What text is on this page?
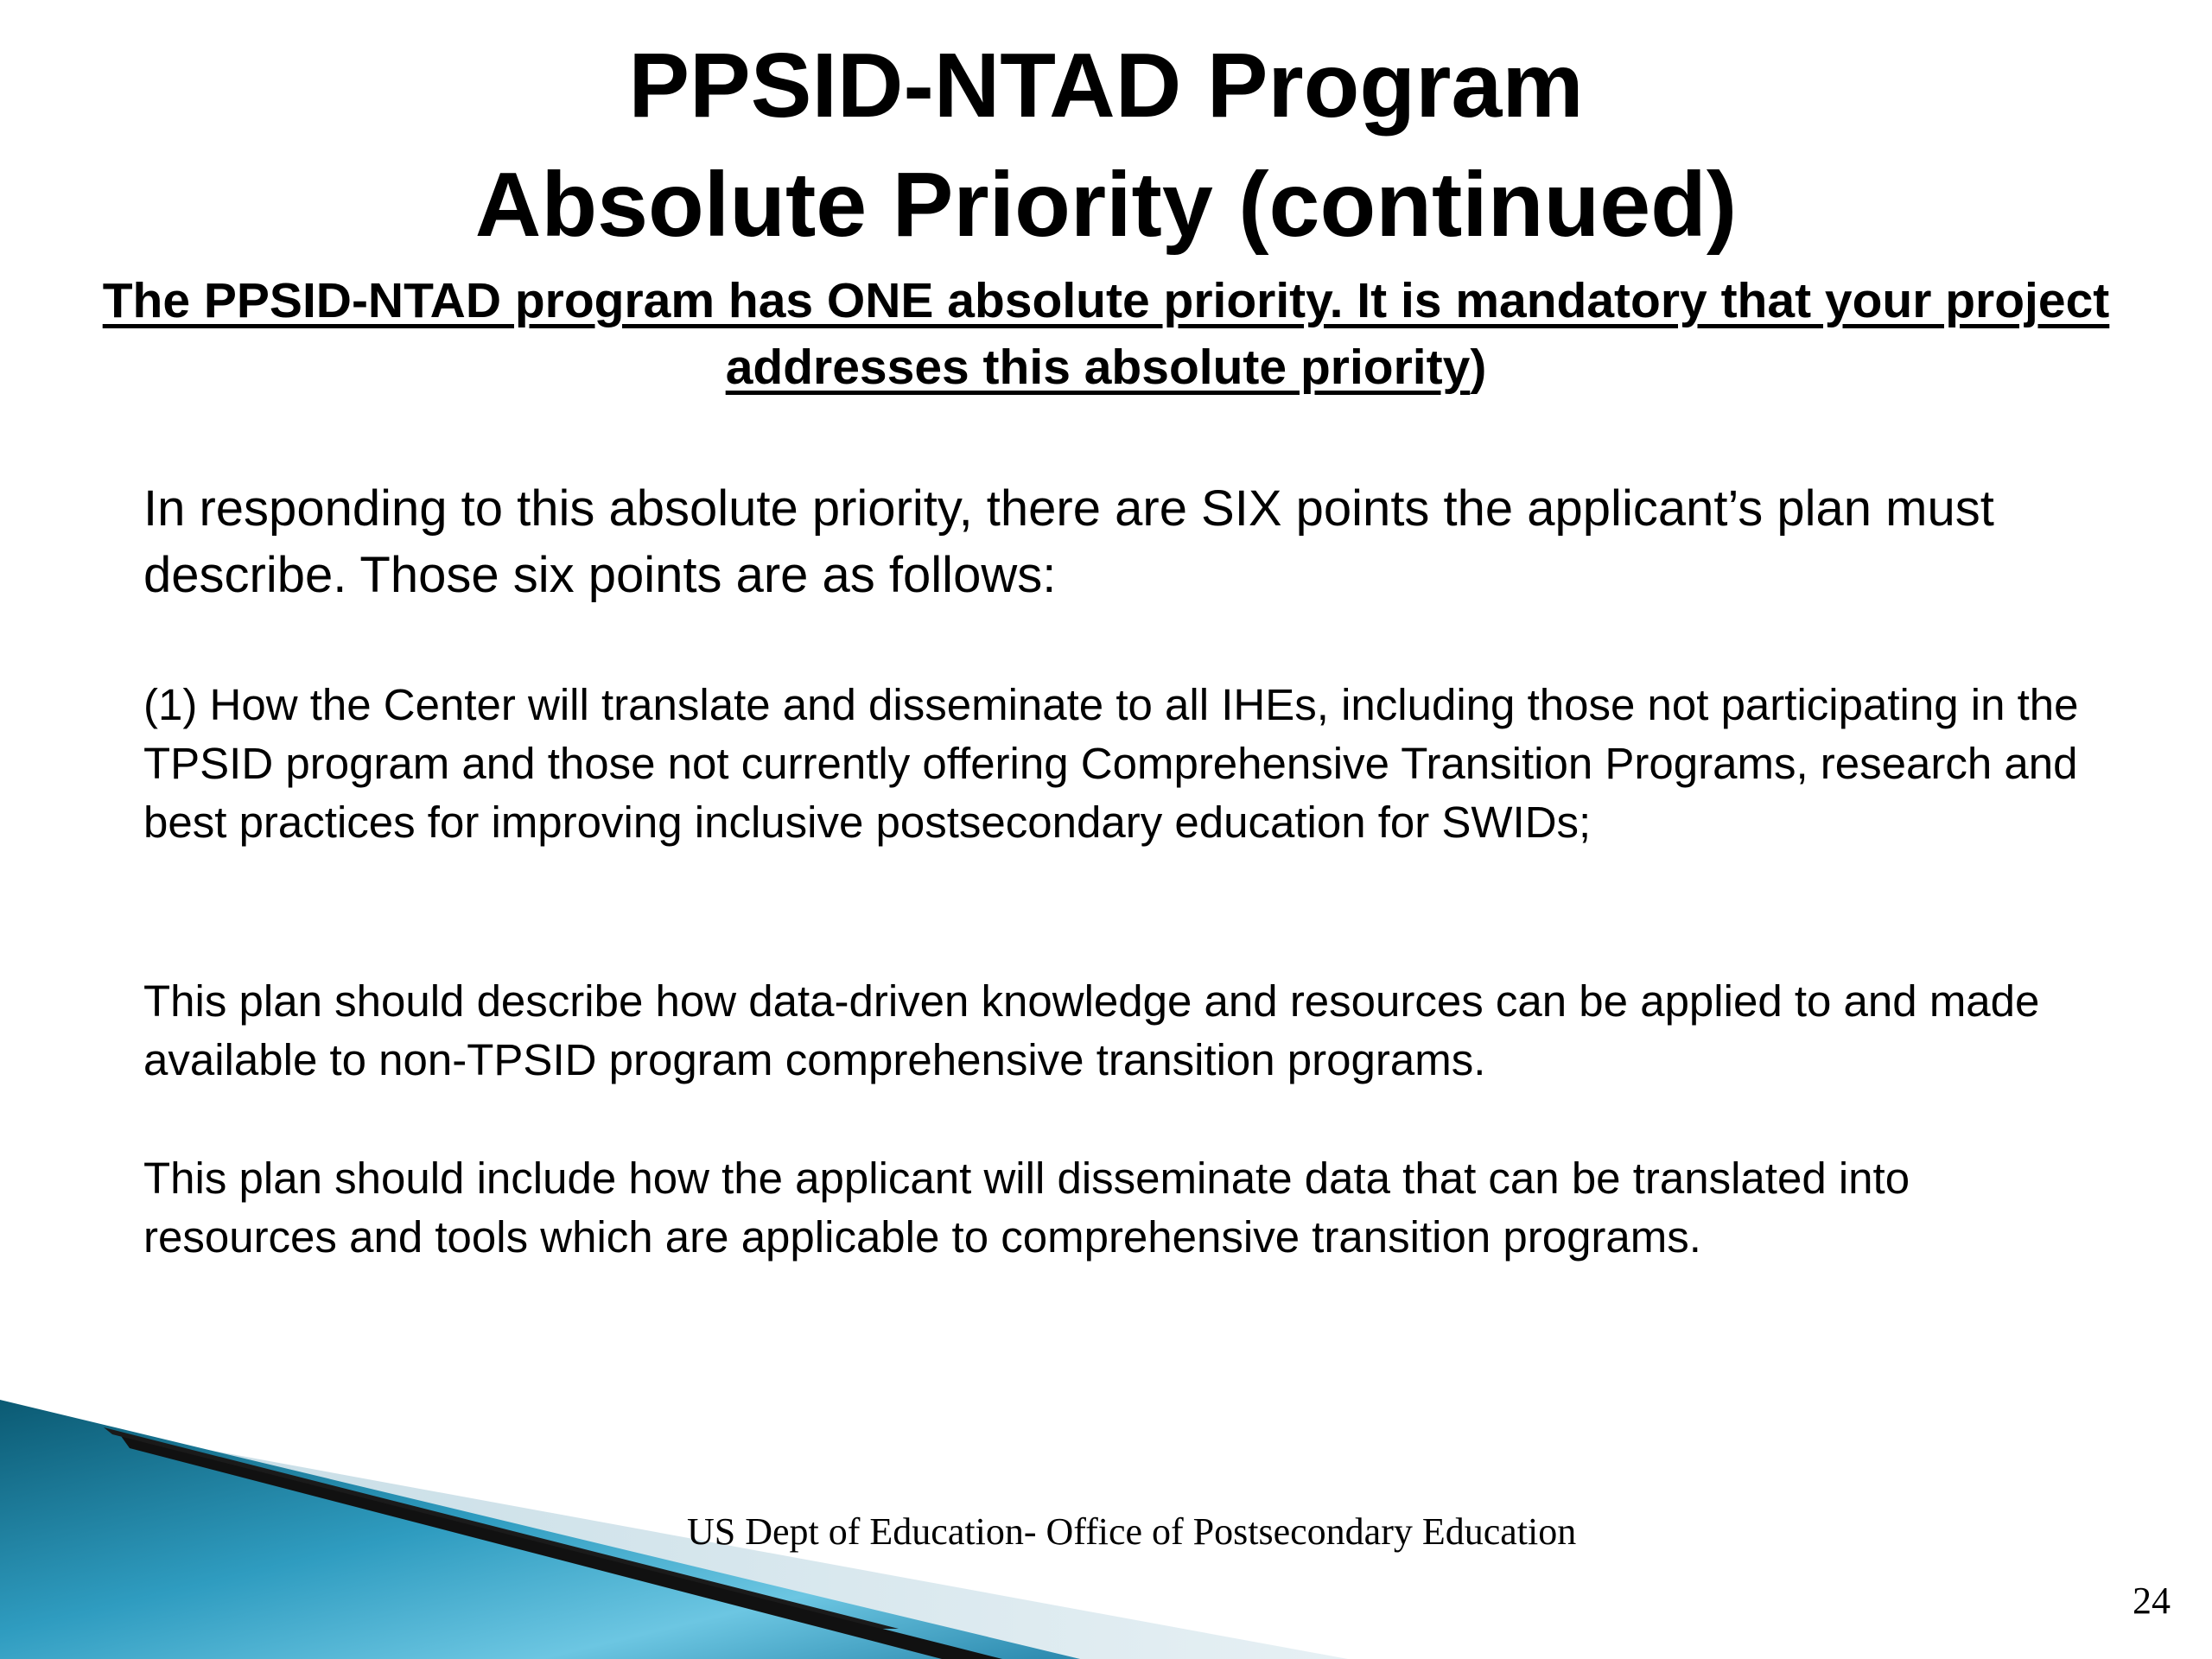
PPSID-NTAD Program
Absolute Priority (continued)

The PPSID-NTAD program has ONE absolute priority. It is mandatory that your project addresses this absolute priority)

In responding to this absolute priority, there are SIX points the applicant’s plan must describe. Those six points are as follows:

(1) How the Center will translate and disseminate to all IHEs, including those not participating in the TPSID program and those not currently offering Comprehensive Transition Programs, research and best practices for improving inclusive postsecondary education for SWIDs;

This plan should describe how data-driven knowledge and resources can be applied to and made available to non-TPSID program comprehensive transition programs.

This plan should include how the applicant will disseminate data that can be translated into resources and tools which are applicable to comprehensive transition programs.

US Dept of Education- Office of Postsecondary Education

24
